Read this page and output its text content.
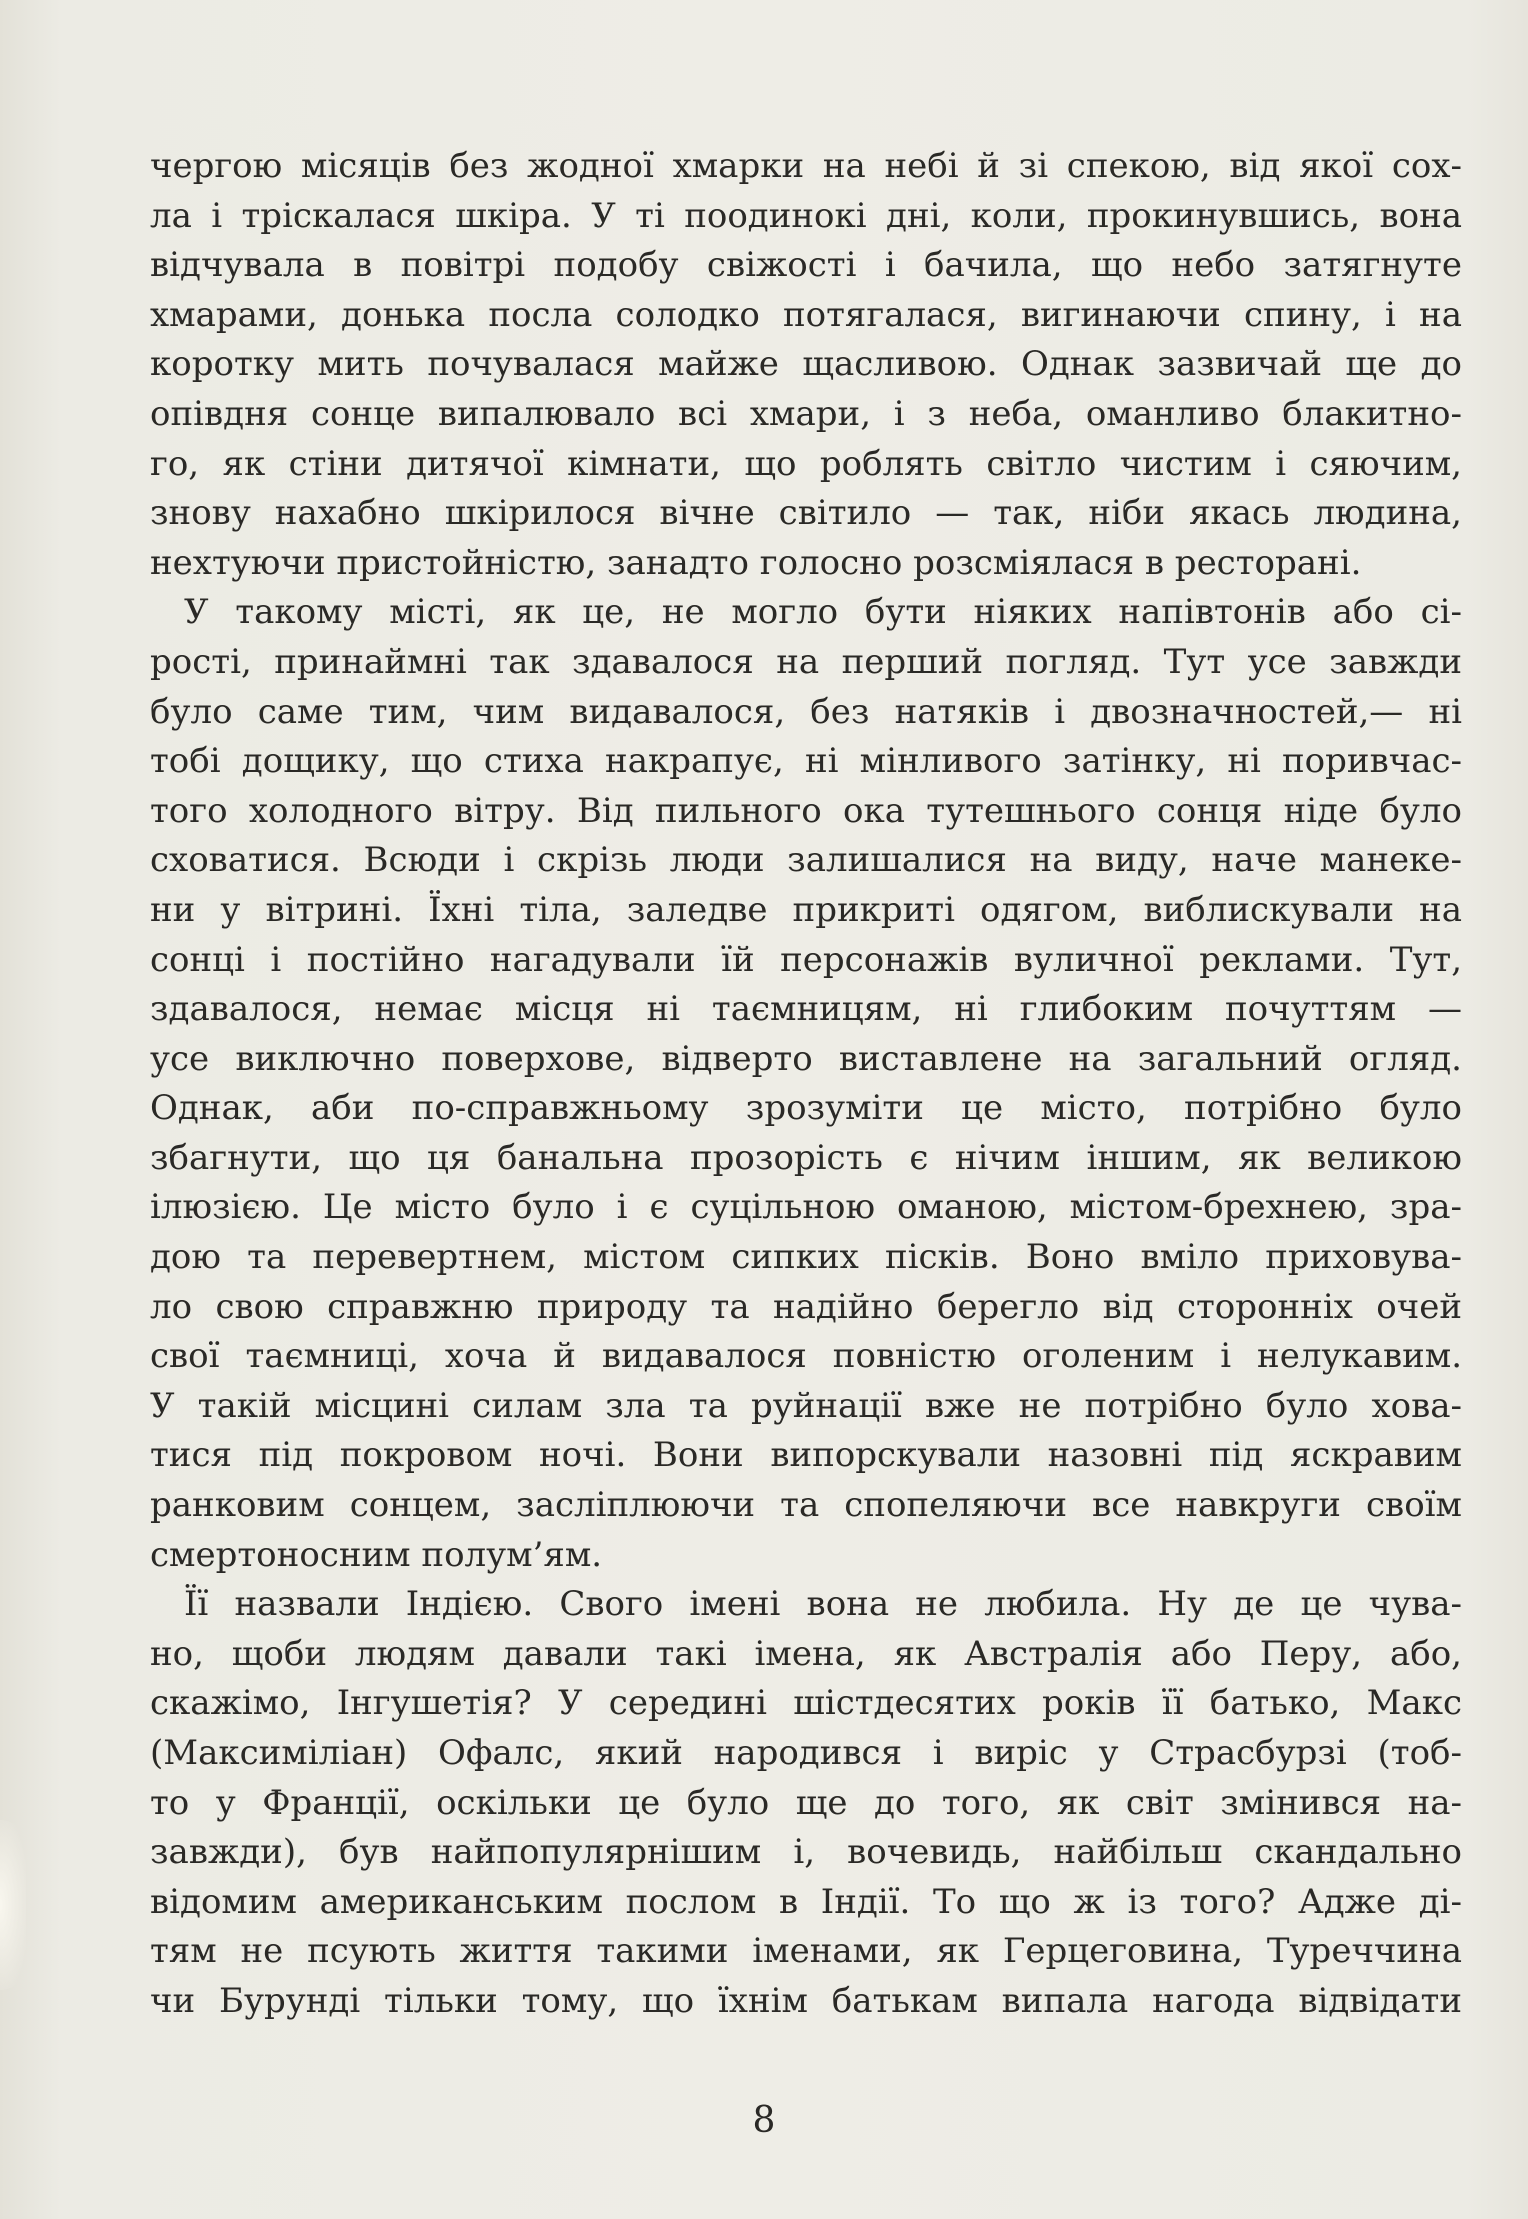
чергою місяців без жодної хмарки на небі й зі спекою, від якої сох-
ла і тріскалася шкіра. У ті поодинокі дні, коли, прокинувшись, вона
відчувала в повітрі подобу свіжості і бачила, що небо затягнуте
хмарами, донька посла солодко потягалася, вигинаючи спину, і на
коротку мить почувалася майже щасливою. Однак зазвичай ще до
опівдня сонце випалювало всі хмари, і з неба, оманливо блакитно-
го, як стіни дитячої кімнати, що роблять світло чистим і сяючим,
знову нахабно шкірилося вічне світило — так, ніби якась людина,
нехтуючи пристойністю, занадто голосно розсміялася в ресторані.
У такому місті, як це, не могло бути ніяких напівтонів або сі-
рості, принаймні так здавалося на перший погляд. Тут усе завжди
було саме тим, чим видавалося, без натяків і двозначностей,— ні
тобі дощику, що стиха накрапує, ні мінливого затінку, ні поривчас-
того холодного вітру. Від пильного ока тутешнього сонця ніде було
сховатися. Всюди і скрізь люди залишалися на виду, наче манеке-
ни у вітрині. Їхні тіла, заледве прикриті одягом, виблискували на
сонці і постійно нагадували їй персонажів вуличної реклами. Тут,
здавалося, немає місця ні таємницям, ні глибоким почуттям —
усе виключно поверхове, відверто виставлене на загальний огляд.
Однак, аби по-справжньому зрозуміти це місто, потрібно було
збагнути, що ця банальна прозорість є нічим іншим, як великою
ілюзією. Це місто було і є суцільною оманою, містом-брехнею, зра-
дою та перевертнем, містом сипких пісків. Воно вміло приховува-
ло свою справжню природу та надійно берегло від сторонніх очей
свої таємниці, хоча й видавалося повністю оголеним і нелукавим.
У такій місцині силам зла та руйнації вже не потрібно було хова-
тися під покровом ночі. Вони випорскували назовні під яскравим
ранковим сонцем, засліплюючи та спопеляючи все навкруги своїм
смертоносним полум’ям.
Її назвали Індією. Свого імені вона не любила. Ну де це чува-
но, щоби людям давали такі імена, як Австралія або Перу, або,
скажімо, Інгушетія? У середині шістдесятих років її батько, Макс
(Максиміліан) Офалс, який народився і виріс у Страсбурзі (тоб-
то у Франції, оскільки це було ще до того, як світ змінився на-
завжди), був найпопулярнішим і, вочевидь, найбільш скандально
відомим американським послом в Індії. То що ж із того? Адже ді-
тям не псують життя такими іменами, як Герцеговина, Туреччина
чи Бурунді тільки тому, що їхнім батькам випала нагода відвідати
8
